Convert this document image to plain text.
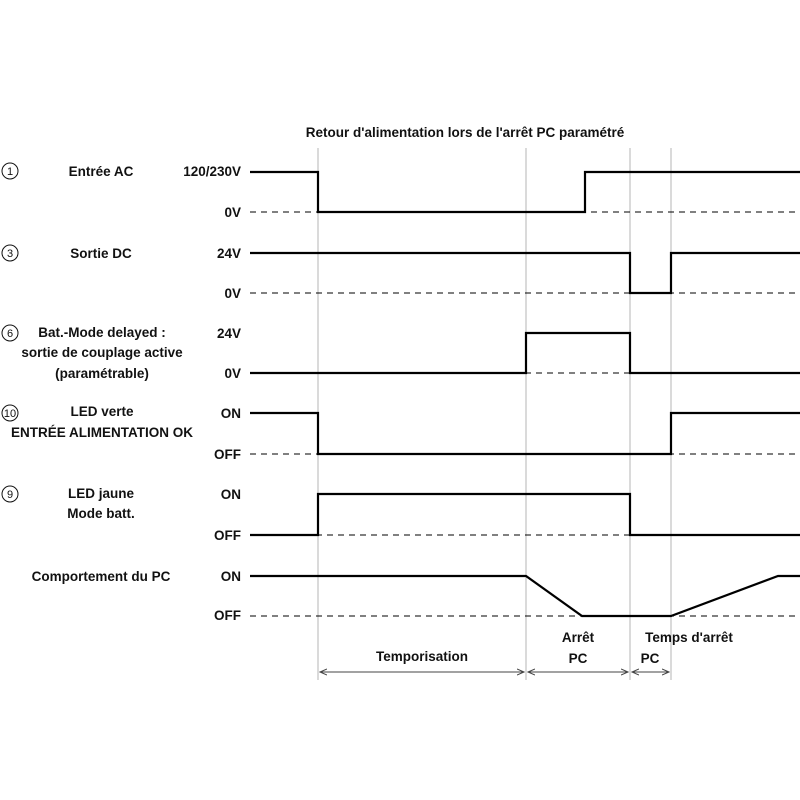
Retour d'alimentation lors de l'arrêt PC paramétré
1	Entrée AC	120/230V
0V
3	Sortie DC	24V
0V
6 Bat.-Mode delayed :
sortie de couplage active
(paramétrable)
24V
0V
10	LED verte
ENTRÉE ALIMENTATION OK
ON
OFF
9	LED jaune
Mode batt.
ON
OFF
Comportement du PC	ON
OFF
Temporisation
Arrêt
PC
Temps d'arrêt
PC
